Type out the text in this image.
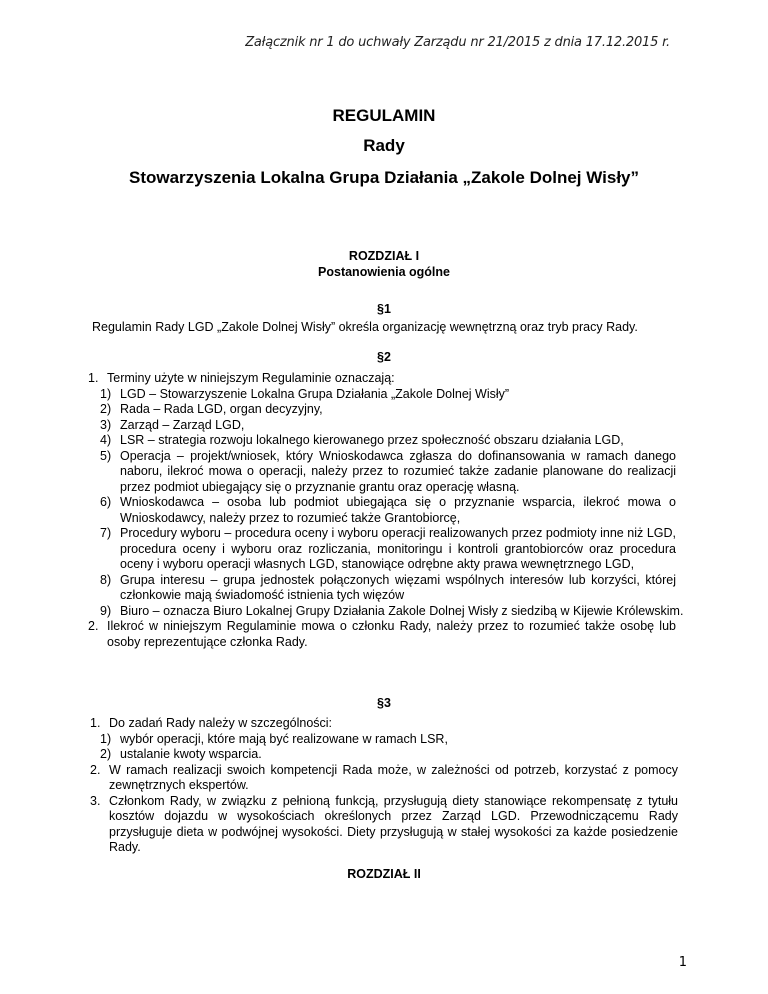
Załącznik nr 1 do uchwały Zarządu nr 21/2015 z dnia 17.12.2015 r.
REGULAMIN
Rady
Stowarzyszenia Lokalna Grupa Działania „Zakole Dolnej Wisły”
ROZDZIAŁ I
Postanowienia ogólne
§1
Regulamin Rady LGD „Zakole Dolnej Wisły” określa organizację wewnętrzną oraz tryb pracy Rady.
§2
1. Terminy użyte w niniejszym Regulaminie oznaczają:
1) LGD – Stowarzyszenie Lokalna Grupa Działania „Zakole Dolnej Wisły”
2) Rada – Rada LGD, organ decyzyjny,
3) Zarząd – Zarząd LGD,
4) LSR – strategia rozwoju lokalnego kierowanego przez społeczność obszaru działania LGD,
5) Operacja – projekt/wniosek, który Wnioskodawca zgłasza do dofinansowania w ramach danego naboru, ilekroć mowa o operacji, należy przez to rozumieć także zadanie planowane do realizacji przez podmiot ubiegający się o przyznanie grantu oraz operację własną.
6) Wnioskodawca – osoba lub podmiot ubiegająca się o przyznanie wsparcia, ilekroć mowa o Wnioskodawcy, należy przez to rozumieć także Grantobiorcę,
7) Procedury wyboru – procedura oceny i wyboru operacji realizowanych przez podmioty inne niż LGD, procedura oceny i wyboru oraz rozliczania, monitoringu i kontroli grantobiorców oraz procedura oceny i wyboru operacji własnych LGD, stanowiące odrębne akty prawa wewnętrznego LGD,
8) Grupa interesu – grupa jednostek połączonych więzami wspólnych interesów lub korzyści, której członkowie mają świadomość istnienia tych więzów
9) Biuro – oznacza Biuro Lokalnej Grupy Działania Zakole Dolnej Wisły z siedzibą w Kijewie Królewskim.
2. Ilekroć w niniejszym Regulaminie mowa o członku Rady, należy przez to rozumieć także osobę lub osoby reprezentujące członka Rady.
§3
1. Do zadań Rady należy w szczególności:
1) wybór operacji, które mają być realizowane w ramach LSR,
2) ustalanie kwoty wsparcia.
2. W ramach realizacji swoich kompetencji Rada może, w zależności od potrzeb, korzystać z pomocy zewnętrznych ekspertów.
3. Członkom Rady, w związku z pełnioną funkcją, przysługują diety stanowiące rekompensatę z tytułu kosztów dojazdu w wysokościach określonych przez Zarząd LGD. Przewodniczącemu Rady przysługuje dieta w podwójnej wysokości. Diety przysługują w stałej wysokości za każde posiedzenie Rady.
ROZDZIAŁ II
1
